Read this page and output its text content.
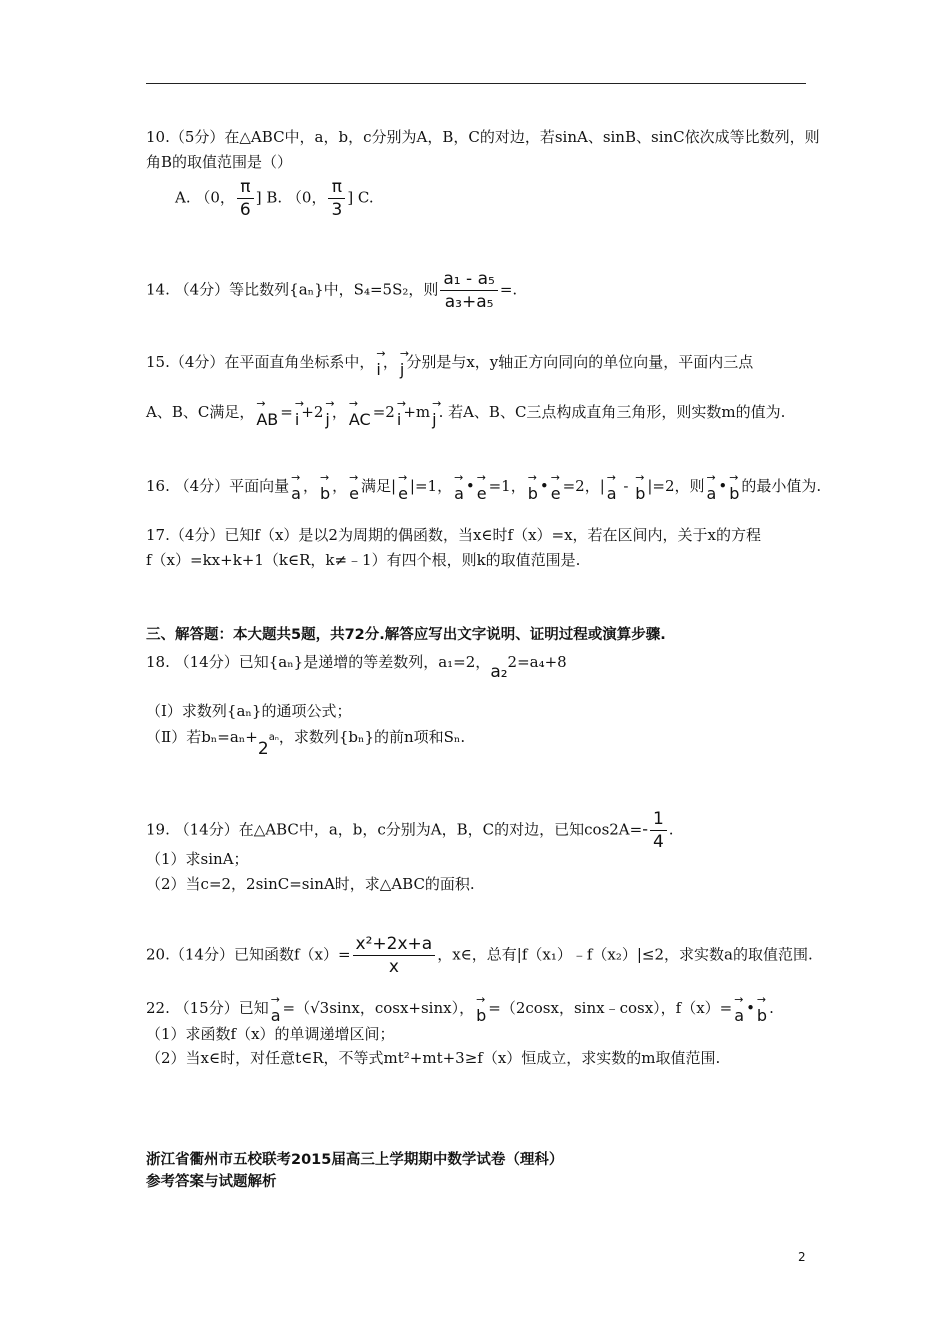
10.（5分）在△ABC中，a，b，c分别为A，B，C的对边，若sinA、sinB、sinC依次成等比数列，则
角B的取值范围是（）
A. （0， $\frac{\pi}{6}$ ] B. （0， $\frac{\pi}{3}$ ] C.
14. （4分）等比数列{aₙ}中，S₄=5S₂，则 $\frac{\text{a₁ - a₅}}{\text{a₃+a₅}}$ =.
15.（4分）在平面直角坐标系中， → i ， → j 分别是与x，y轴正方向同向的单位向量，平面内三点
A、B、C满足， → AB = → i +2 → j ， → AC =2 → i +m → j . 若A、B、C三点构成直角三角形，则实数m的值为.
16. （4分）平面向量 → a ， → b ， → e 满足| → e |=1， → a • → e =1， → b • → e =2，| → a - → b |=2，则 → a • → b 的最小值为.
17.（4分）已知f（x）是以2为周期的偶函数，当x∈时f（x）=x，若在区间内，关于x的方程
f（x）=kx+k+1（k∈R，k≠﹣1）有四个根，则k的取值范围是.
三、解答题：本大题共5题，共72分.解答应写出文字说明、证明过程或演算步骤.
18. （14分）已知{aₙ}是递增的等差数列，a₁=2，a₂2=a₄+8
（Ⅰ）求数列{aₙ}的通项公式；
（Ⅱ）若bₙ=aₙ+2aₙ，求数列{bₙ}的前n项和Sₙ.
19. （14分）在△ABC中，a，b，c分别为A，B，C的对边，已知$\cos 2A=- \frac{1}{4}$ .
（1）求sinA；
（2）当c=2，2sinC=sinA时，求△ABC的面积.
20.（14分）已知函数$f(x)= \frac{\text{x²+2x+a}}{x}$ ，x∈，总有|f（x₁）﹣f（x₂）|≤2，求实数a的取值范围.
22. （15分）已知 → a =（√3sinx，cosx+sinx）， → b =（2cosx，sinx﹣cosx），f（x）= → a • → b .
（1）求函数f（x）的单调递增区间；
（2）当x∈时，对任意t∈R，不等式mt²+mt+3≥f（x）恒成立，求实数的m取值范围.
浙江省衢州市五校联考2015届高三上学期期中数学试卷（理科）
参考答案与试题解析
2
